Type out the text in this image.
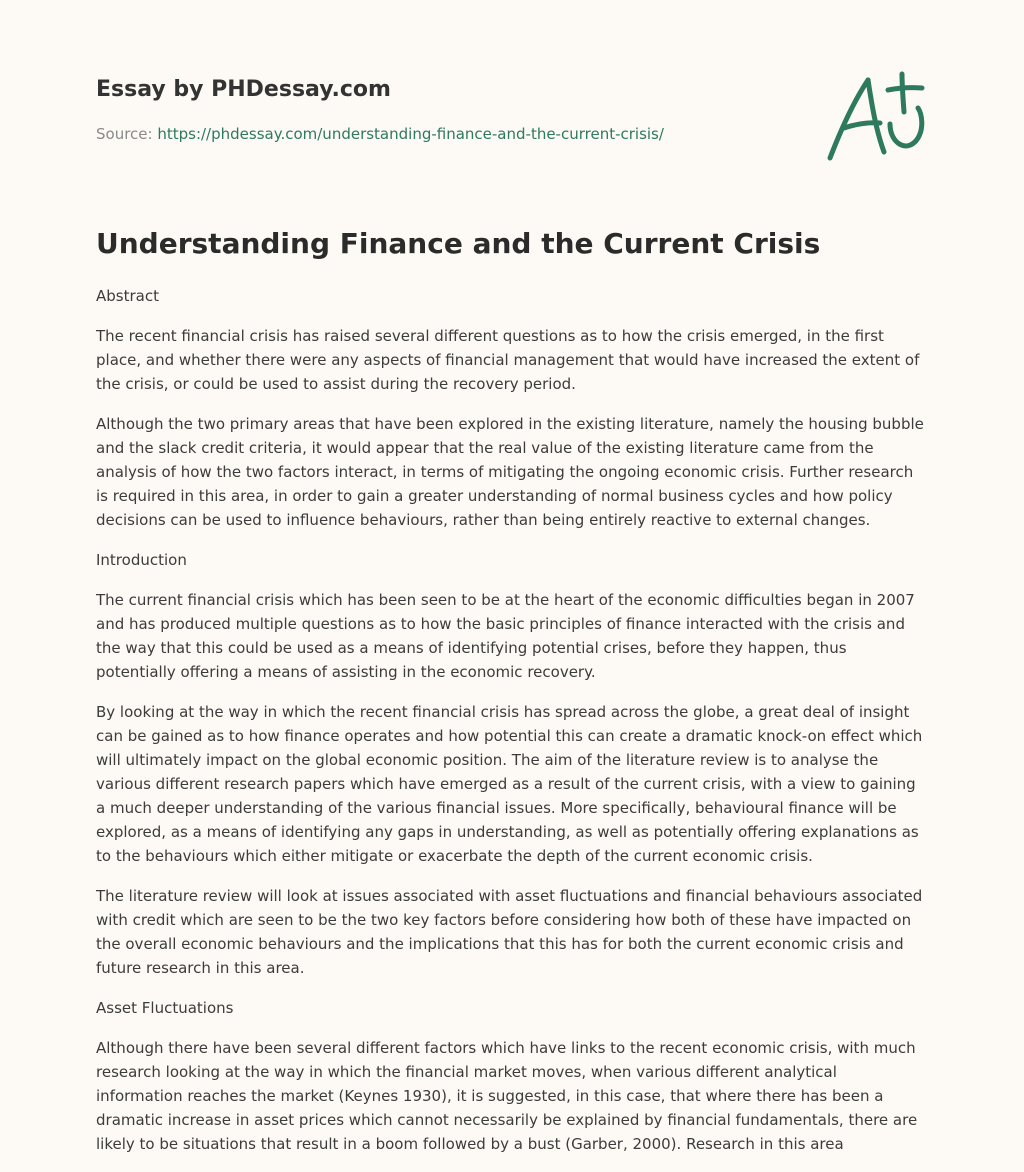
Essay by PHDessay.com
Source: https://phdessay.com/understanding-finance-and-the-current-crisis/
Understanding Finance and the Current Crisis

Abstract

The recent financial crisis has raised several different questions as to how the crisis emerged, in the first place, and whether there were any aspects of financial management that would have increased the extent of the crisis, or could be used to assist during the recovery period.

Although the two primary areas that have been explored in the existing literature, namely the housing bubble and the slack credit criteria, it would appear that the real value of the existing literature came from the analysis of how the two factors interact, in terms of mitigating the ongoing economic crisis. Further research is required in this area, in order to gain a greater understanding of normal business cycles and how policy decisions can be used to influence behaviours, rather than being entirely reactive to external changes.

Introduction

The current financial crisis which has been seen to be at the heart of the economic difficulties began in 2007 and has produced multiple questions as to how the basic principles of finance interacted with the crisis and the way that this could be used as a means of identifying potential crises, before they happen, thus potentially offering a means of assisting in the economic recovery.

By looking at the way in which the recent financial crisis has spread across the globe, a great deal of insight can be gained as to how finance operates and how potential this can create a dramatic knock-on effect which will ultimately impact on the global economic position. The aim of the literature review is to analyse the various different research papers which have emerged as a result of the current crisis, with a view to gaining a much deeper understanding of the various financial issues. More specifically, behavioural finance will be explored, as a means of identifying any gaps in understanding, as well as potentially offering explanations as to the behaviours which either mitigate or exacerbate the depth of the current economic crisis.

The literature review will look at issues associated with asset fluctuations and financial behaviours associated with credit which are seen to be the two key factors before considering how both of these have impacted on the overall economic behaviours and the implications that this has for both the current economic crisis and future research in this area.

Asset Fluctuations

Although there have been several different factors which have links to the recent economic crisis, with much research looking at the way in which the financial market moves, when various different analytical information reaches the market (Keynes 1930), it is suggested, in this case, that where there has been a dramatic increase in asset prices which cannot necessarily be explained by financial fundamentals, there are likely to be situations that result in a boom followed by a bust (Garber, 2000). Research in this area
